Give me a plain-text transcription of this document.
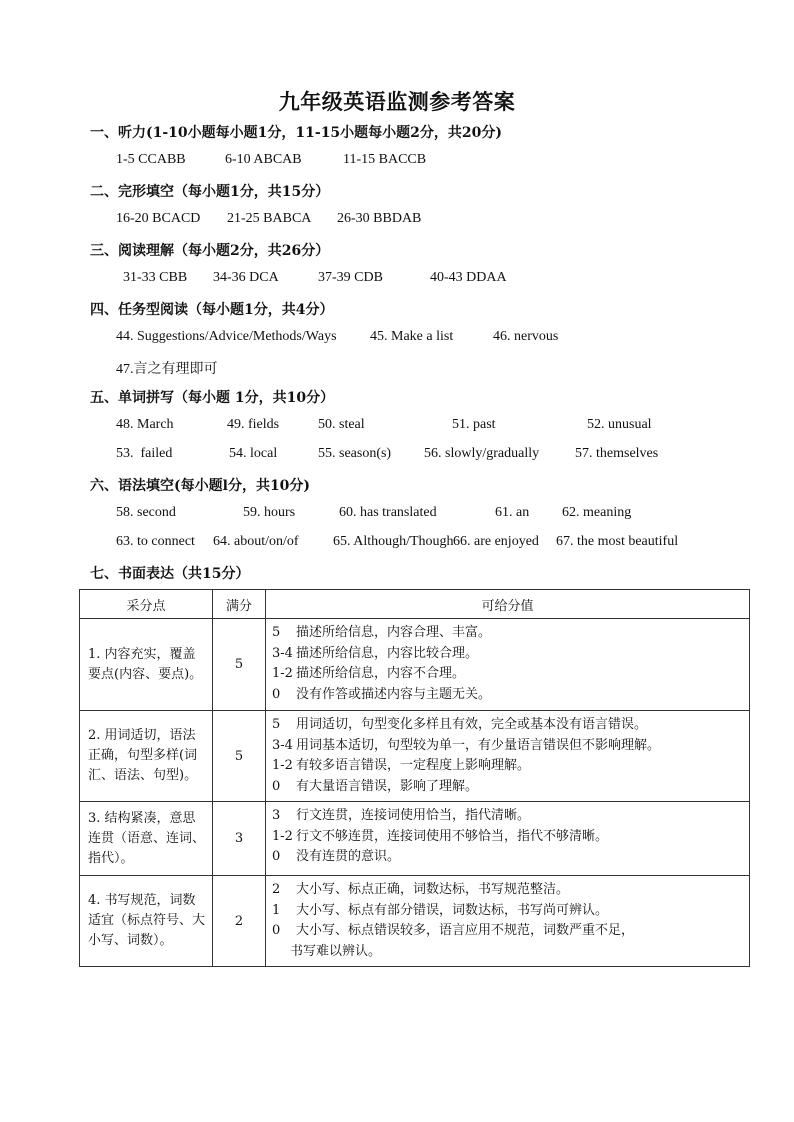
九年级英语监测参考答案
一、听力(1-10小题每小题1分，11-15小题每小题2分，共20分)
1-5 CCABB	6-10 ABCAB	11-15 BACCB
二、完形填空（每小题1分，共15分）
16-20 BCACD 21-25 BABCA 26-30 BBDAB
三、阅读理解（每小题2分，共26分）
31-33 CBB 34-36 DCA	37-39 CDB	40-43 DDAA
四、任务型阅读（每小题1分，共4分）
44. Suggestions/Advice/Methods/Ways 45. Make a list	46. nervous
47.言之有理即可
五、单词拼写（每小题 1分，共10分）
48. March	49. fields	50. steal	51. past	52. unusual
53.  failed	54. local	55. season(s) 56. slowly/gradually	57. themselves
六、语法填空(每小题l分，共10分)
58. second	59. hours	60. has translated	61. an 62. meaning
63. to connect 64. about/on/of 65. Although/Though 66. are enjoyed 67. the most beautiful
七、书面表达（共15分）
采分点	满分	可给分值
1. 内容充实，覆盖要点(内容、要点)。	5	5 描述所给信息，内容合理、丰富。
3-4 描述所给信息，内容比较合理。
1-2 描述所给信息，内容不合理。
0 没有作答或描述内容与主题无关。

2. 用词适切，语法正确，句型多样(词汇、语法、句型)。	5	5 用词适切，句型变化多样且有效，完全或基本没有语言错误。
3-4 用词基本适切，句型较为单一，有少量语言错误但不影响理解。
1-2 有较多语言错误，一定程度上影响理解。
0 有大量语言错误，影响了理解。

3. 结构紧凑，意思连贯（语意、连词、指代）。	3	3 行文连贯，连接词使用恰当，指代清晰。
1-2 行文不够连贯，连接词使用不够恰当，指代不够清晰。
0 没有连贯的意识。

4. 书写规范，词数适宜（标点符号、大小写、词数）。	2	2 大小写、标点正确，词数达标，书写规范整洁。
1 大小写、标点有部分错误，词数达标，书写尚可辨认。
0 大小写、标点错误较多，语言应用不规范，词数严重不足，
书写难以辨认。
